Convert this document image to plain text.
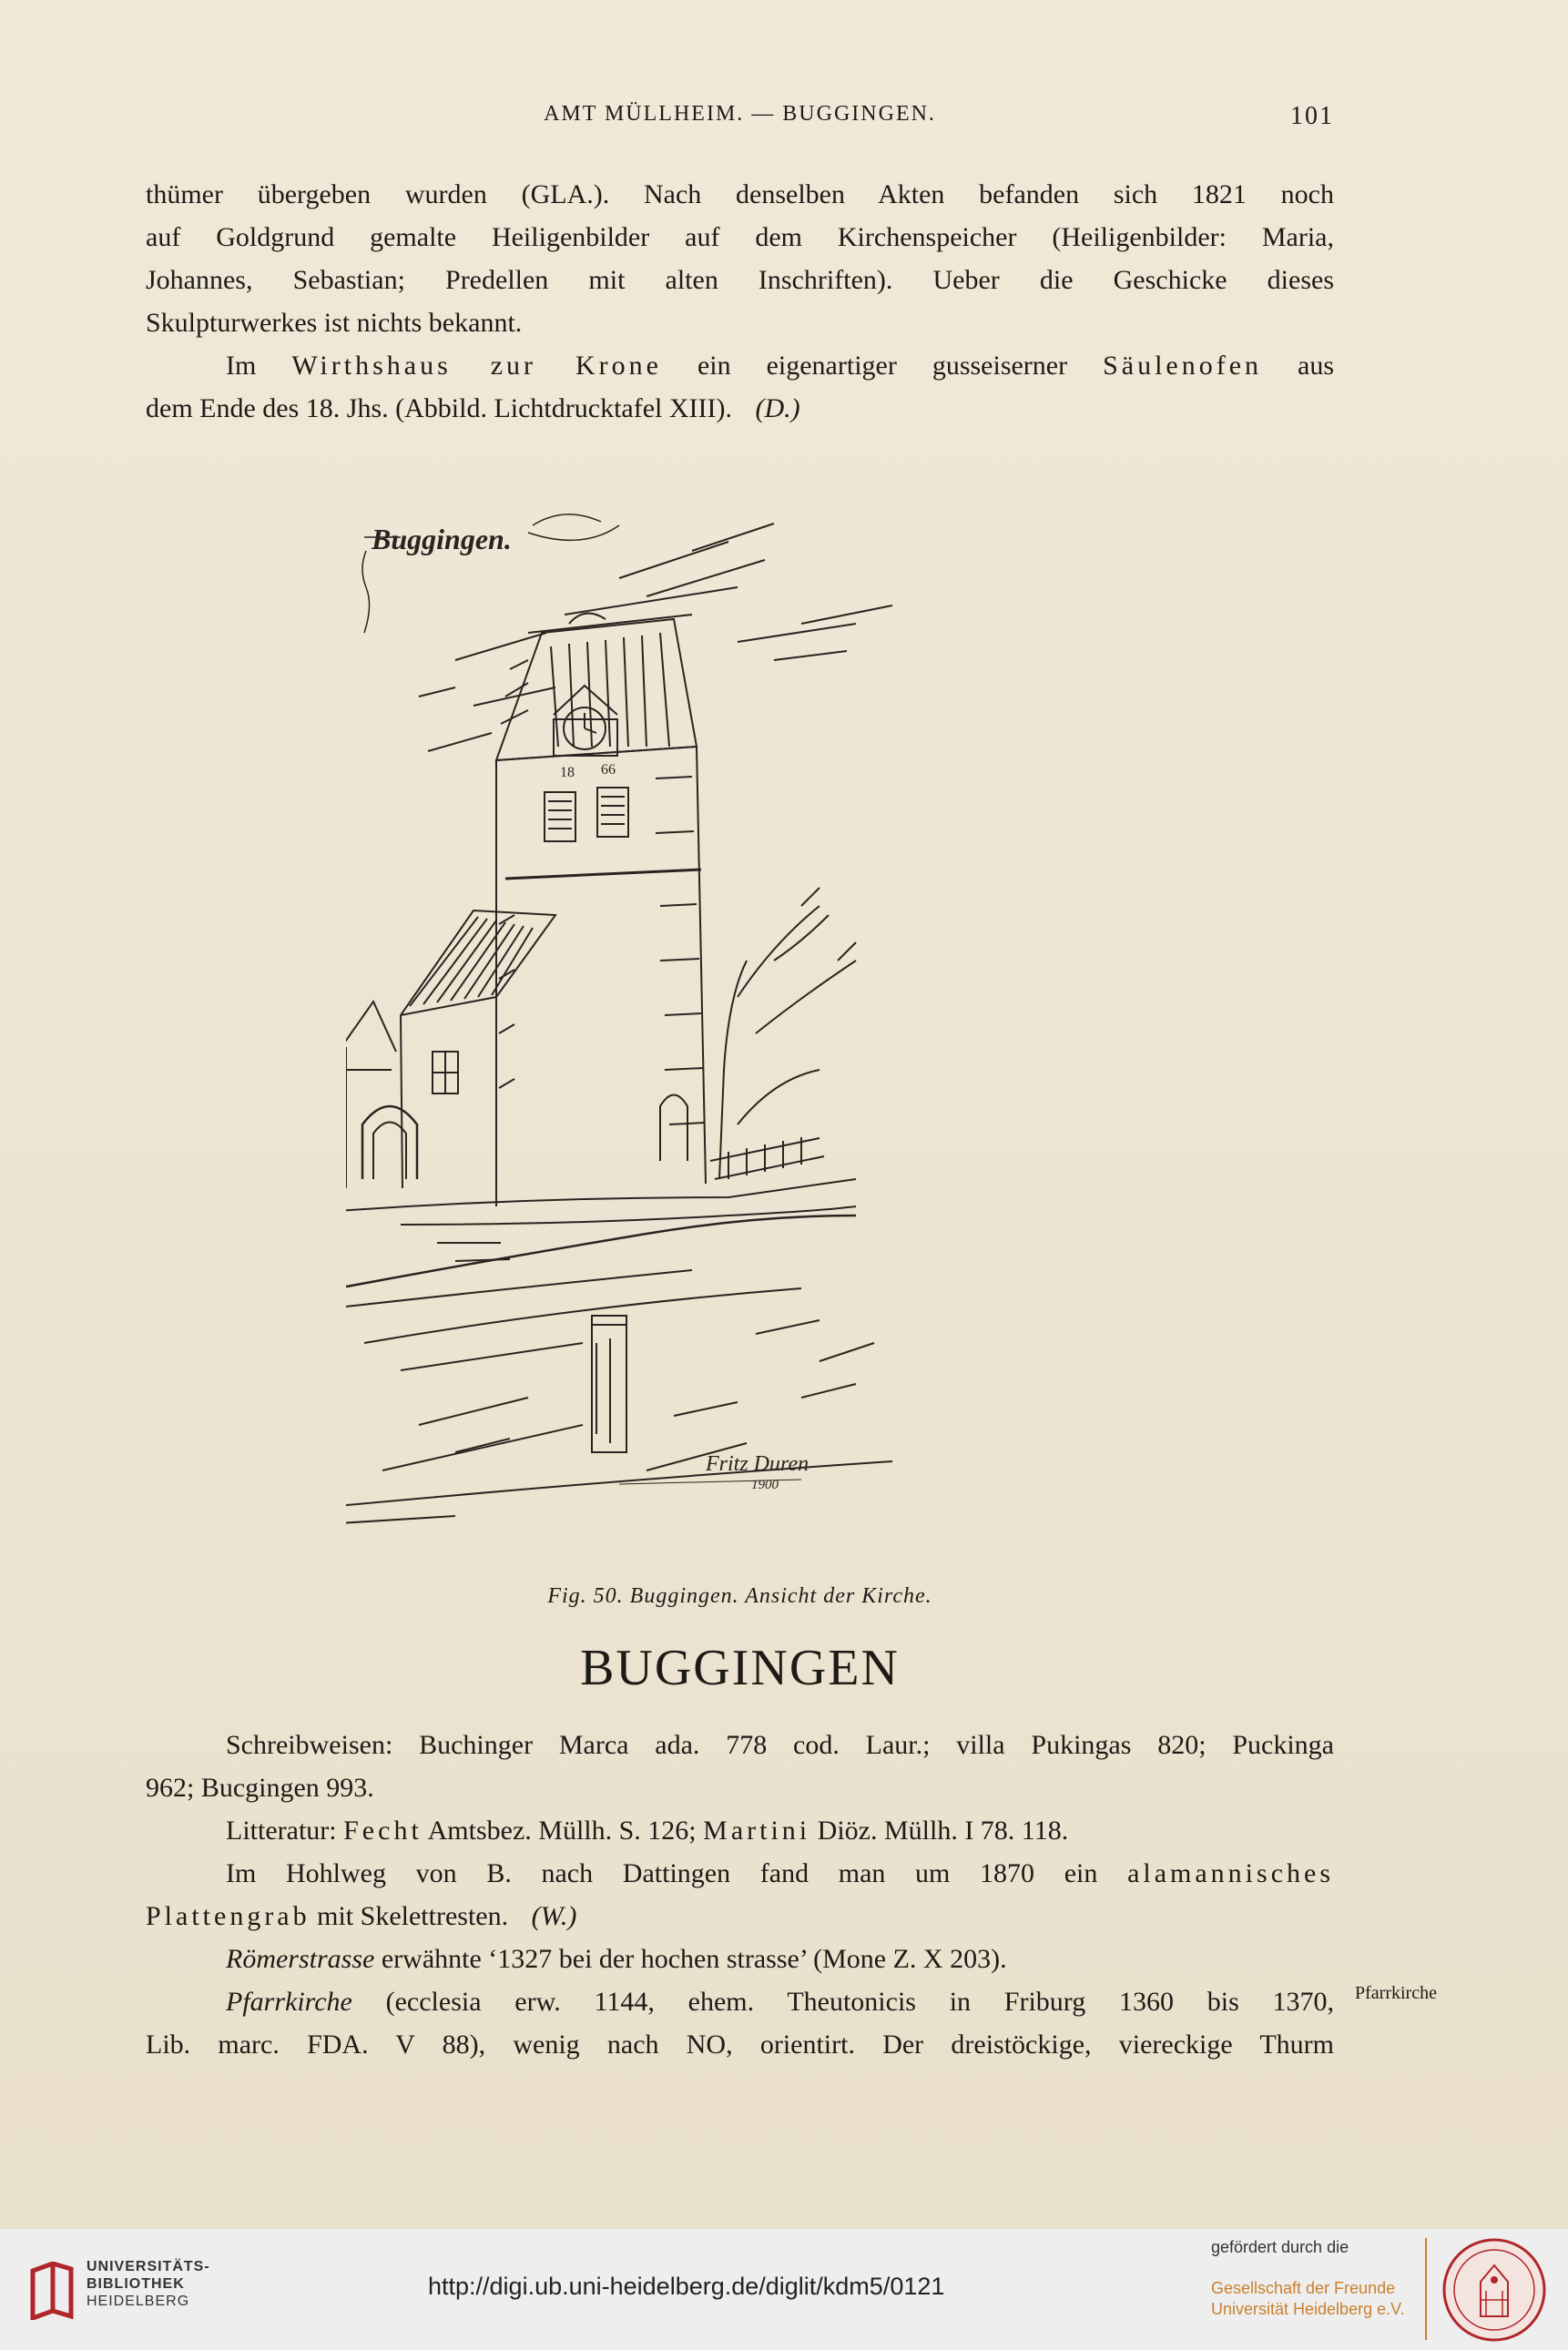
AMT MÜLLHEIM. — BUGGINGEN.	101
thümer übergeben wurden (GLA.). Nach denselben Akten befanden sich 1821 noch
auf Goldgrund gemalte Heiligenbilder auf dem Kirchenspeicher (Heiligenbilder: Maria,
Johannes, Sebastian; Predellen mit alten Inschriften). Ueber die Geschicke dieses
Skulpturwerkes ist nichts bekannt.
Im Wirthshaus zur Krone ein eigenartiger gusseiserner Säulenofen aus
dem Ende des 18. Jhs. (Abbild. Lichtdrucktafel XIII). (D.)
Buggingen.
18 66
Fritz Duren
1900
Fig. 50. Buggingen. Ansicht der Kirche.
BUGGINGEN
Schreibweisen: Buchinger Marca ada. 778 cod. Laur.; villa Pukingas 820; Puckinga
962; Bucgingen 993.
Litteratur: Fecht Amtsbez. Müllh. S. 126; Martini Diöz. Müllh. I 78. 118.
Im Hohlweg von B. nach Dattingen fand man um 1870 ein alamannisches
Plattengrab mit Skelettresten. (W.)
Römerstrasse erwähnte ‘1327 bei der hochen strasse’ (Mone Z. X 203).
Pfarrkirche (ecclesia erw. 1144, ehem. Theutonicis in Friburg 1360 bis 1370,
Lib. marc. FDA. V 88), wenig nach NO, orientirt. Der dreistöckige, viereckige Thurm
Pfarrkirche
UNIVERSITÄTS-
BIBLIOTHEK
HEIDELBERG
http://digi.ub.uni-heidelberg.de/diglit/kdm5/0121
gefördert durch die
Gesellschaft der Freunde
Universität Heidelberg e.V.
